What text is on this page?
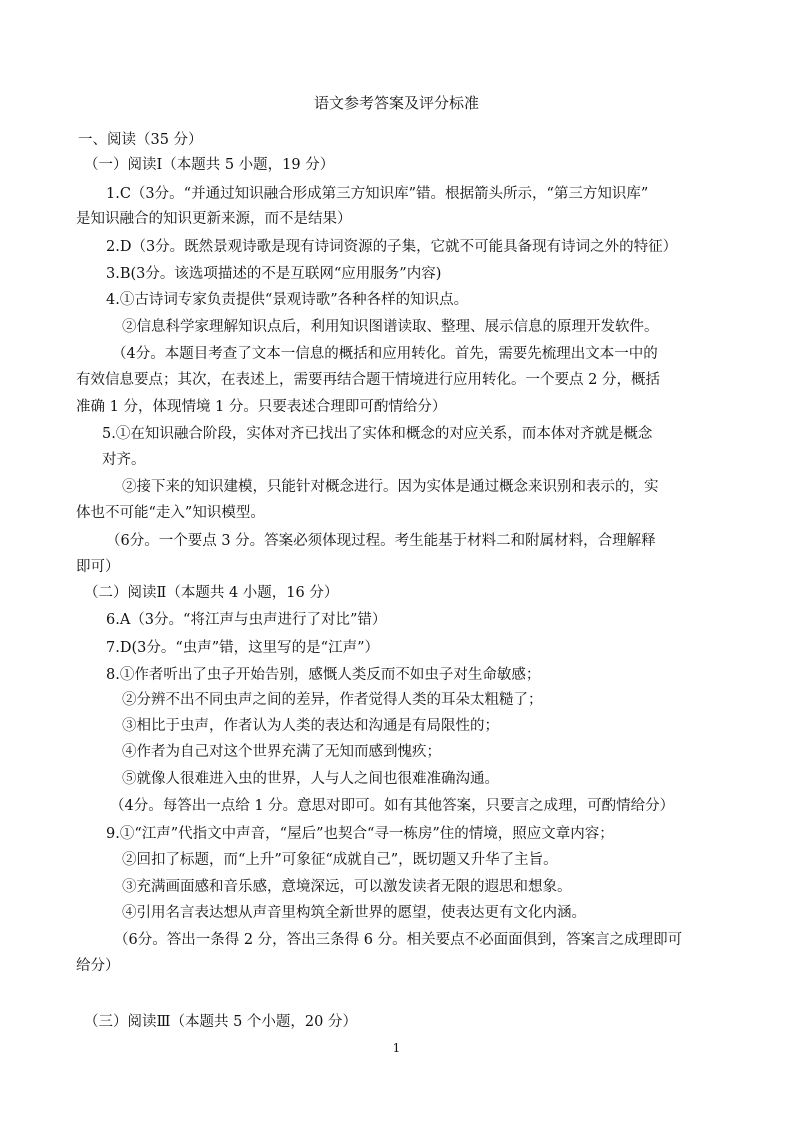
语文参考答案及评分标准
一、阅读（35 分）
（一）阅读Ⅰ（本题共 5 小题，19 分）
1.C（3分。“并通过知识融合形成第三方知识库”错。根据箭头所示，“第三方知识库”
是知识融合的知识更新来源，而不是结果）
2.D（3分。既然景观诗歌是现有诗词资源的子集，它就不可能具备现有诗词之外的特征）
3.B(3分。该选项描述的不是互联网“应用服务”内容)
4.①古诗词专家负责提供“景观诗歌”各种各样的知识点。
②信息科学家理解知识点后，利用知识图谱读取、整理、展示信息的原理开发软件。
（4分。本题目考查了文本一信息的概括和应用转化。首先，需要先梳理出文本一中的
有效信息要点；其次，在表述上，需要再结合题干情境进行应用转化。一个要点 2 分，概括
准确 1 分，体现情境 1 分。只要表述合理即可酌情给分）
5.①在知识融合阶段，实体对齐已找出了实体和概念的对应关系，而本体对齐就是概念
对齐。
②接下来的知识建模，只能针对概念进行。因为实体是通过概念来识别和表示的，实
体也不可能“走入”知识模型。
（6分。一个要点 3 分。答案必须体现过程。考生能基于材料二和附属材料，合理解释
即可）
（二）阅读Ⅱ（本题共 4 小题，16 分）
6.A（3分。“将江声与虫声进行了对比”错）
7.D(3分。“虫声”错，这里写的是“江声”）
8.①作者听出了虫子开始告别，感慨人类反而不如虫子对生命敏感；
②分辨不出不同虫声之间的差异，作者觉得人类的耳朵太粗糙了；
③相比于虫声，作者认为人类的表达和沟通是有局限性的；
④作者为自己对这个世界充满了无知而感到愧疚；
⑤就像人很难进入虫的世界，人与人之间也很难准确沟通。
（4分。每答出一点给 1 分。意思对即可。如有其他答案，只要言之成理，可酌情给分）
9.①“江声”代指文中声音，“屋后”也契合“寻一栋房”住的情境，照应文章内容；
②回扣了标题，而“上升”可象征“成就自己”，既切题又升华了主旨。
③充满画面感和音乐感，意境深远，可以激发读者无限的遐思和想象。
④引用名言表达想从声音里构筑全新世界的愿望，使表达更有文化内涵。
（6分。答出一条得 2 分，答出三条得 6 分。相关要点不必面面俱到，答案言之成理即可
给分）
（三）阅读Ⅲ（本题共 5 个小题，20 分）
1
